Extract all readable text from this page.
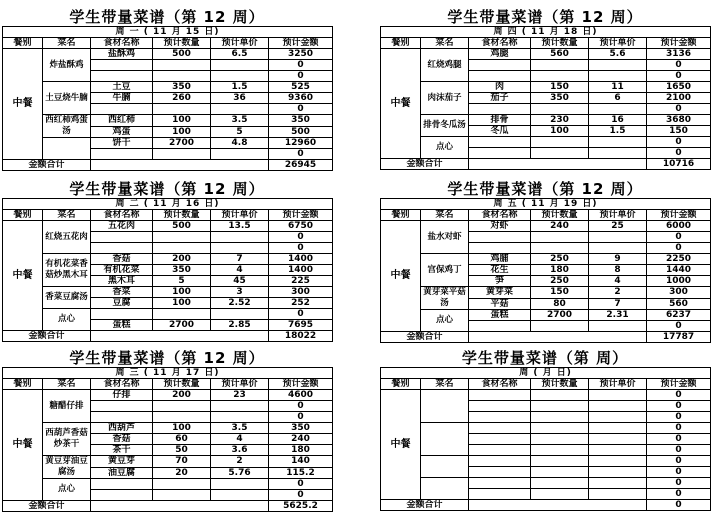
学生带量菜谱（第 12 周）
周 一 ( 11 月 15 日)					
餐别	菜名	食材名称	预计数量	预计单价	预计金额
中餐	炸盐酥鸡	盐酥鸡	500	6.5	3250
					0
					0
	土豆烧牛腩	土豆	350	1.5	525
		牛腩	260	36	9360
					0
	西红柿鸡蛋汤	西红柿	100	3.5	350
		鸡蛋	100	5	500
		饼干	2700	4.8	12960
					0
金额合计					26945
学生带量菜谱（第 12 周）
周 四 ( 11 月 18 日)					
餐别	菜名	食材名称	预计数量	预计单价	预计金额
中餐	红烧鸡腿	鸡腿	560	5.6	3136
					0
					0
	肉沫茄子	肉	150	11	1650
		茄子	350	6	2100
					0
	排骨冬瓜汤	排骨	230	16	3680
		冬瓜	100	1.5	150
	点心				0
					0
金额合计					10716
学生带量菜谱（第 12 周）
周 二 ( 11 月 16 日)					
餐别	菜名	食材名称	预计数量	预计单价	预计金额
中餐	红烧五花肉	五花肉	500	13.5	6750
					0
					0
	有机花菜香菇炒黑木耳	香菇	200	7	1400
		有机花菜	350	4	1400
		黑木耳	5	45	225
	香菜豆腐汤	香菜	100	3	300
		豆腐	100	2.52	252
	点心				0
		蛋糕	2700	2.85	7695
金额合计					18022
学生带量菜谱（第 12 周）
周 五 ( 11 月 19 日)					
餐别	菜名	食材名称	预计数量	预计单价	预计金额
中餐	盐水对虾	对虾	240	25	6000
					0
					0
	宫保鸡丁	鸡脯	250	9	2250
		花生	180	8	1440
		笋	250	4	1000
	黄芽菜平菇汤	黄芽菜	150	2	300
		平菇	80	7	560
	点心	蛋糕	2700	2.31	6237
					0
金额合计					17787
学生带量菜谱（第 12 周）
周 三 ( 11 月 17 日)					
餐别	菜名	食材名称	预计数量	预计单价	预计金额
中餐	糖醋仔排	仔排	200	23	4600
					0
					0
	西葫芦香菇炒茶干	西葫芦	100	3.5	350
		香菇	60	4	240
		茶干	50	3.6	180
	黄豆芽油豆腐汤	黄豆芽	70	2	140
		油豆腐	20	5.76	115.2
	点心				0
					0
金额合计					5625.2
学生带量菜谱（第 周）
周 ( 月 日)					
餐别	菜名	食材名称	预计数量	预计单价	预计金额
中餐					0
					0
					0
					0
					0
					0
					0
					0
					0
					0
金额合计					0
